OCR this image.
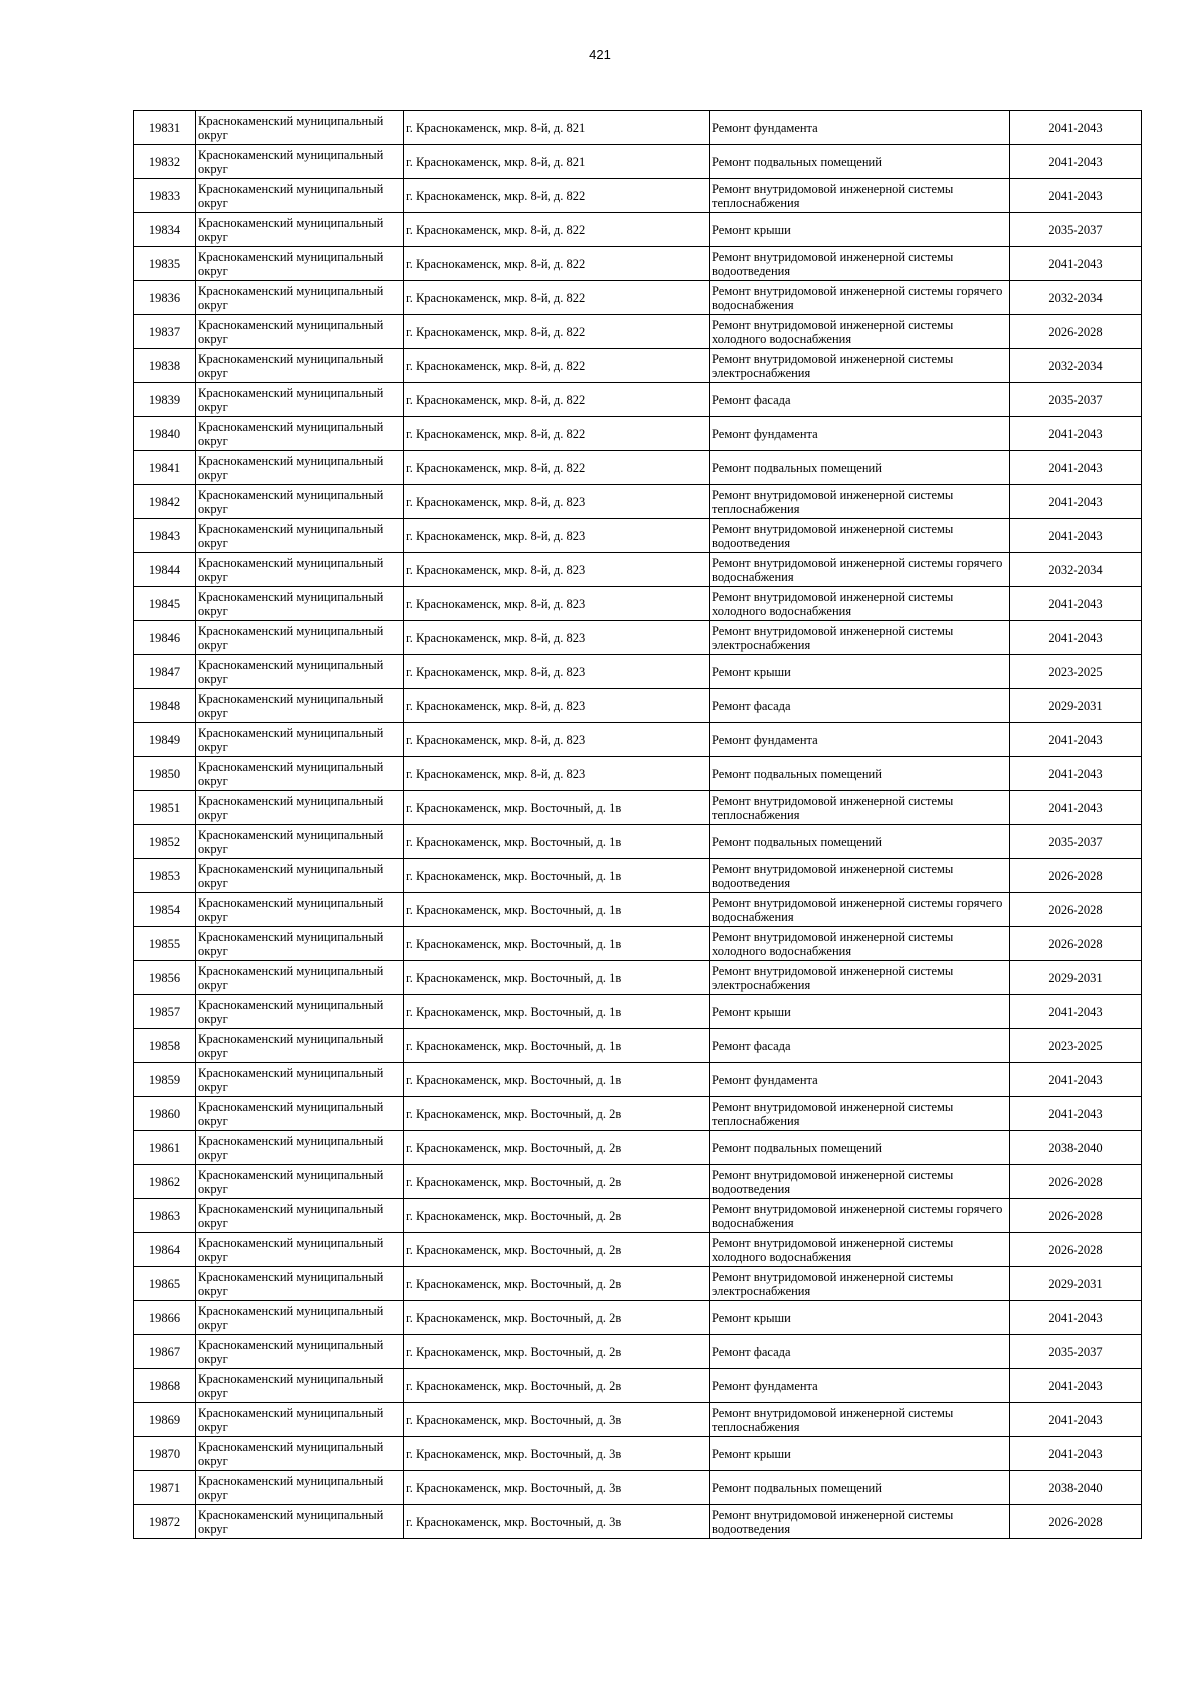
421
19831	Краснокаменский муниципальный округ	г. Краснокаменск, мкр. 8-й, д. 821	Ремонт фундамента	2041-2043
19832	Краснокаменский муниципальный округ	г. Краснокаменск, мкр. 8-й, д. 821	Ремонт подвальных помещений	2041-2043
19833	Краснокаменский муниципальный округ	г. Краснокаменск, мкр. 8-й, д. 822	Ремонт внутридомовой инженерной системы теплоснабжения	2041-2043
19834	Краснокаменский муниципальный округ	г. Краснокаменск, мкр. 8-й, д. 822	Ремонт крыши	2035-2037
19835	Краснокаменский муниципальный округ	г. Краснокаменск, мкр. 8-й, д. 822	Ремонт внутридомовой инженерной системы водоотведения	2041-2043
19836	Краснокаменский муниципальный округ	г. Краснокаменск, мкр. 8-й, д. 822	Ремонт внутридомовой инженерной системы горячего водоснабжения	2032-2034
19837	Краснокаменский муниципальный округ	г. Краснокаменск, мкр. 8-й, д. 822	Ремонт внутридомовой инженерной системы холодного водоснабжения	2026-2028
19838	Краснокаменский муниципальный округ	г. Краснокаменск, мкр. 8-й, д. 822	Ремонт внутридомовой инженерной системы электроснабжения	2032-2034
19839	Краснокаменский муниципальный округ	г. Краснокаменск, мкр. 8-й, д. 822	Ремонт фасада	2035-2037
19840	Краснокаменский муниципальный округ	г. Краснокаменск, мкр. 8-й, д. 822	Ремонт фундамента	2041-2043
19841	Краснокаменский муниципальный округ	г. Краснокаменск, мкр. 8-й, д. 822	Ремонт подвальных помещений	2041-2043
19842	Краснокаменский муниципальный округ	г. Краснокаменск, мкр. 8-й, д. 823	Ремонт внутридомовой инженерной системы теплоснабжения	2041-2043
19843	Краснокаменский муниципальный округ	г. Краснокаменск, мкр. 8-й, д. 823	Ремонт внутридомовой инженерной системы водоотведения	2041-2043
19844	Краснокаменский муниципальный округ	г. Краснокаменск, мкр. 8-й, д. 823	Ремонт внутридомовой инженерной системы горячего водоснабжения	2032-2034
19845	Краснокаменский муниципальный округ	г. Краснокаменск, мкр. 8-й, д. 823	Ремонт внутридомовой инженерной системы холодного водоснабжения	2041-2043
19846	Краснокаменский муниципальный округ	г. Краснокаменск, мкр. 8-й, д. 823	Ремонт внутридомовой инженерной системы электроснабжения	2041-2043
19847	Краснокаменский муниципальный округ	г. Краснокаменск, мкр. 8-й, д. 823	Ремонт крыши	2023-2025
19848	Краснокаменский муниципальный округ	г. Краснокаменск, мкр. 8-й, д. 823	Ремонт фасада	2029-2031
19849	Краснокаменский муниципальный округ	г. Краснокаменск, мкр. 8-й, д. 823	Ремонт фундамента	2041-2043
19850	Краснокаменский муниципальный округ	г. Краснокаменск, мкр. 8-й, д. 823	Ремонт подвальных помещений	2041-2043
19851	Краснокаменский муниципальный округ	г. Краснокаменск, мкр. Восточный, д. 1в	Ремонт внутридомовой инженерной системы теплоснабжения	2041-2043
19852	Краснокаменский муниципальный округ	г. Краснокаменск, мкр. Восточный, д. 1в	Ремонт подвальных помещений	2035-2037
19853	Краснокаменский муниципальный округ	г. Краснокаменск, мкр. Восточный, д. 1в	Ремонт внутридомовой инженерной системы водоотведения	2026-2028
19854	Краснокаменский муниципальный округ	г. Краснокаменск, мкр. Восточный, д. 1в	Ремонт внутридомовой инженерной системы горячего водоснабжения	2026-2028
19855	Краснокаменский муниципальный округ	г. Краснокаменск, мкр. Восточный, д. 1в	Ремонт внутридомовой инженерной системы холодного водоснабжения	2026-2028
19856	Краснокаменский муниципальный округ	г. Краснокаменск, мкр. Восточный, д. 1в	Ремонт внутридомовой инженерной системы электроснабжения	2029-2031
19857	Краснокаменский муниципальный округ	г. Краснокаменск, мкр. Восточный, д. 1в	Ремонт крыши	2041-2043
19858	Краснокаменский муниципальный округ	г. Краснокаменск, мкр. Восточный, д. 1в	Ремонт фасада	2023-2025
19859	Краснокаменский муниципальный округ	г. Краснокаменск, мкр. Восточный, д. 1в	Ремонт фундамента	2041-2043
19860	Краснокаменский муниципальный округ	г. Краснокаменск, мкр. Восточный, д. 2в	Ремонт внутридомовой инженерной системы теплоснабжения	2041-2043
19861	Краснокаменский муниципальный округ	г. Краснокаменск, мкр. Восточный, д. 2в	Ремонт подвальных помещений	2038-2040
19862	Краснокаменский муниципальный округ	г. Краснокаменск, мкр. Восточный, д. 2в	Ремонт внутридомовой инженерной системы водоотведения	2026-2028
19863	Краснокаменский муниципальный округ	г. Краснокаменск, мкр. Восточный, д. 2в	Ремонт внутридомовой инженерной системы горячего водоснабжения	2026-2028
19864	Краснокаменский муниципальный округ	г. Краснокаменск, мкр. Восточный, д. 2в	Ремонт внутридомовой инженерной системы холодного водоснабжения	2026-2028
19865	Краснокаменский муниципальный округ	г. Краснокаменск, мкр. Восточный, д. 2в	Ремонт внутридомовой инженерной системы электроснабжения	2029-2031
19866	Краснокаменский муниципальный округ	г. Краснокаменск, мкр. Восточный, д. 2в	Ремонт крыши	2041-2043
19867	Краснокаменский муниципальный округ	г. Краснокаменск, мкр. Восточный, д. 2в	Ремонт фасада	2035-2037
19868	Краснокаменский муниципальный округ	г. Краснокаменск, мкр. Восточный, д. 2в	Ремонт фундамента	2041-2043
19869	Краснокаменский муниципальный округ	г. Краснокаменск, мкр. Восточный, д. 3в	Ремонт внутридомовой инженерной системы теплоснабжения	2041-2043
19870	Краснокаменский муниципальный округ	г. Краснокаменск, мкр. Восточный, д. 3в	Ремонт крыши	2041-2043
19871	Краснокаменский муниципальный округ	г. Краснокаменск, мкр. Восточный, д. 3в	Ремонт подвальных помещений	2038-2040
19872	Краснокаменский муниципальный округ	г. Краснокаменск, мкр. Восточный, д. 3в	Ремонт внутридомовой инженерной системы водоотведения	2026-2028
